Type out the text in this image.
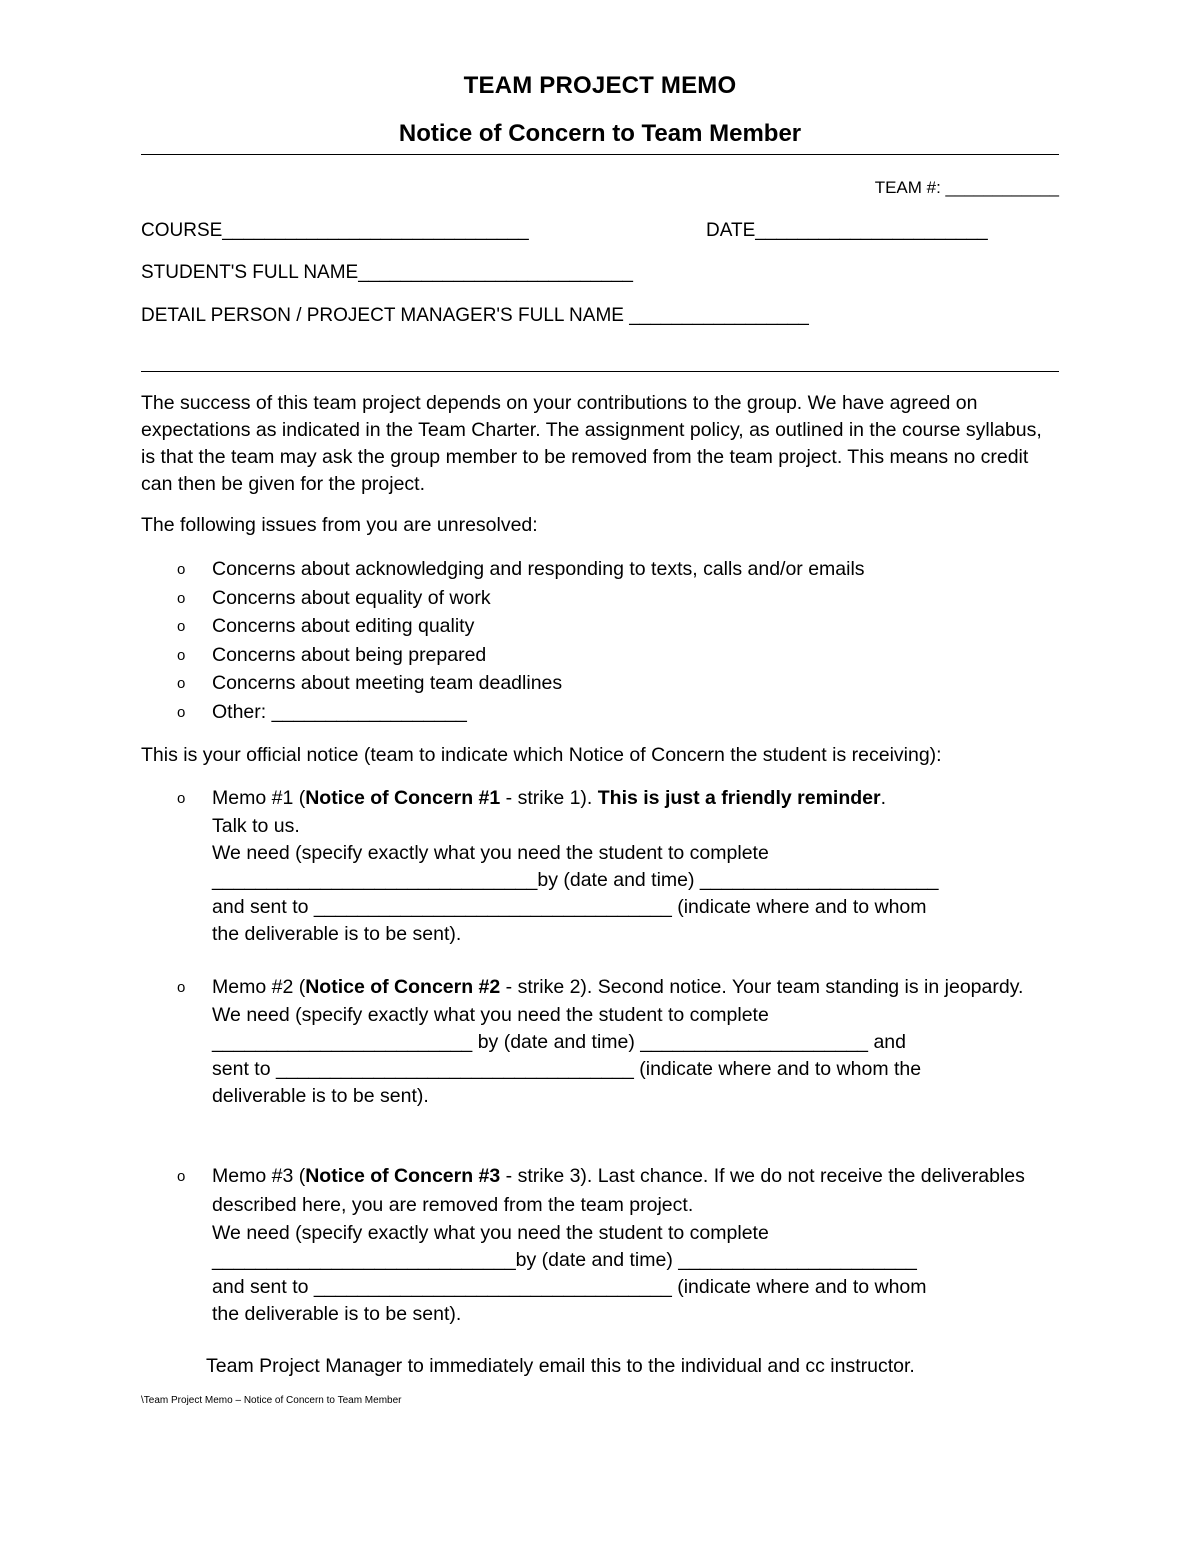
TEAM PROJECT MEMO
Notice of Concern to Team Member
TEAM #: ____________
COURSE_____________________________	DATE______________________
STUDENT'S FULL NAME__________________________
DETAIL PERSON / PROJECT MANAGER'S FULL NAME _________________
The success of this team project depends on your contributions to the group. We have agreed on expectations as indicated in the Team Charter. The assignment policy, as outlined in the course syllabus, is that the team may ask the group member to be removed from the team project. This means no credit can then be given for the project.
The following issues from you are unresolved:
o Concerns about acknowledging and responding to texts, calls and/or emails
o Concerns about equality of work
o Concerns about editing quality
o Concerns about being prepared
o Concerns about meeting team deadlines
o Other: __________________
This is your official notice (team to indicate which Notice of Concern the student is receiving):
o Memo #1 (Notice of Concern #1 - strike 1). This is just a friendly reminder.
Talk to us.
We need (specify exactly what you need the student to complete
______________________________by (date and time) ______________________
and sent to _________________________________ (indicate where and to whom
the deliverable is to be sent).
o Memo #2 (Notice of Concern #2 - strike 2). Second notice. Your team standing is in jeopardy.
We need (specify exactly what you need the student to complete
________________________ by (date and time) _____________________ and
sent to _________________________________ (indicate where and to whom the
deliverable is to be sent).
o Memo #3 (Notice of Concern #3 - strike 3). Last chance. If we do not receive the deliverables described here, you are removed from the team project.
We need (specify exactly what you need the student to complete
____________________________by (date and time) ______________________
and sent to _________________________________ (indicate where and to whom
the deliverable is to be sent).
Team Project Manager to immediately email this to the individual and cc instructor.
\Team Project Memo – Notice of Concern to Team Member
